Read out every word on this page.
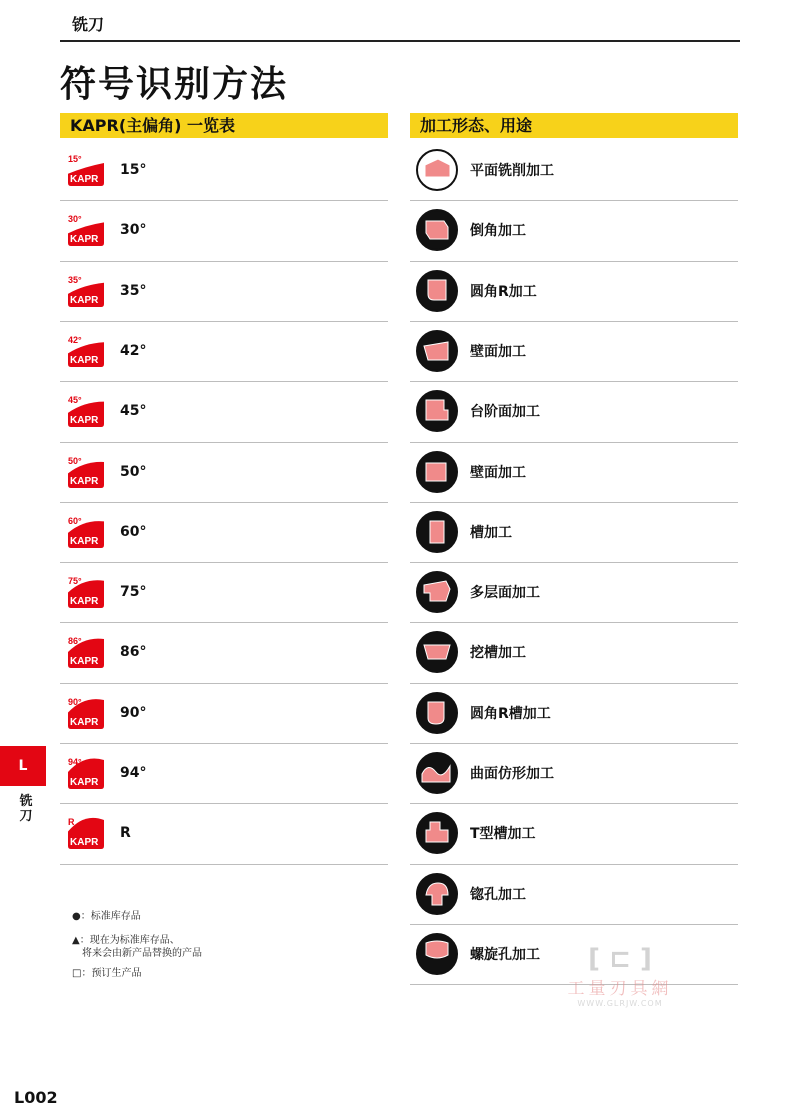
铣刀
符号识别方法
KAPR(主偏角) 一览表	加工形态、用途
15°
KAPR
15°
30°
KAPR
30°
35°
KAPR
35°
42°
KAPR
42°
45°
KAPR
45°
50°
KAPR
50°
60°
KAPR
60°
75°
KAPR
75°
86°
KAPR
86°
90°
KAPR
90°
94°
KAPR
94°
R
KAPR
R
平面铣削加工
倒角加工
圆角R加工
壁面加工
台阶面加工
壁面加工
槽加工
多层面加工
挖槽加工
圆角R槽加工
曲面仿形加工
T型槽加工
锪孔加工
螺旋孔加工
●：标准库存品
▲：现在为标准库存品、
将来会由新产品替换的产品
□：预订生产品
L
铣刀
[ ⊏ ]
工量刃具網
WWW.GLRJW.COM
L002
